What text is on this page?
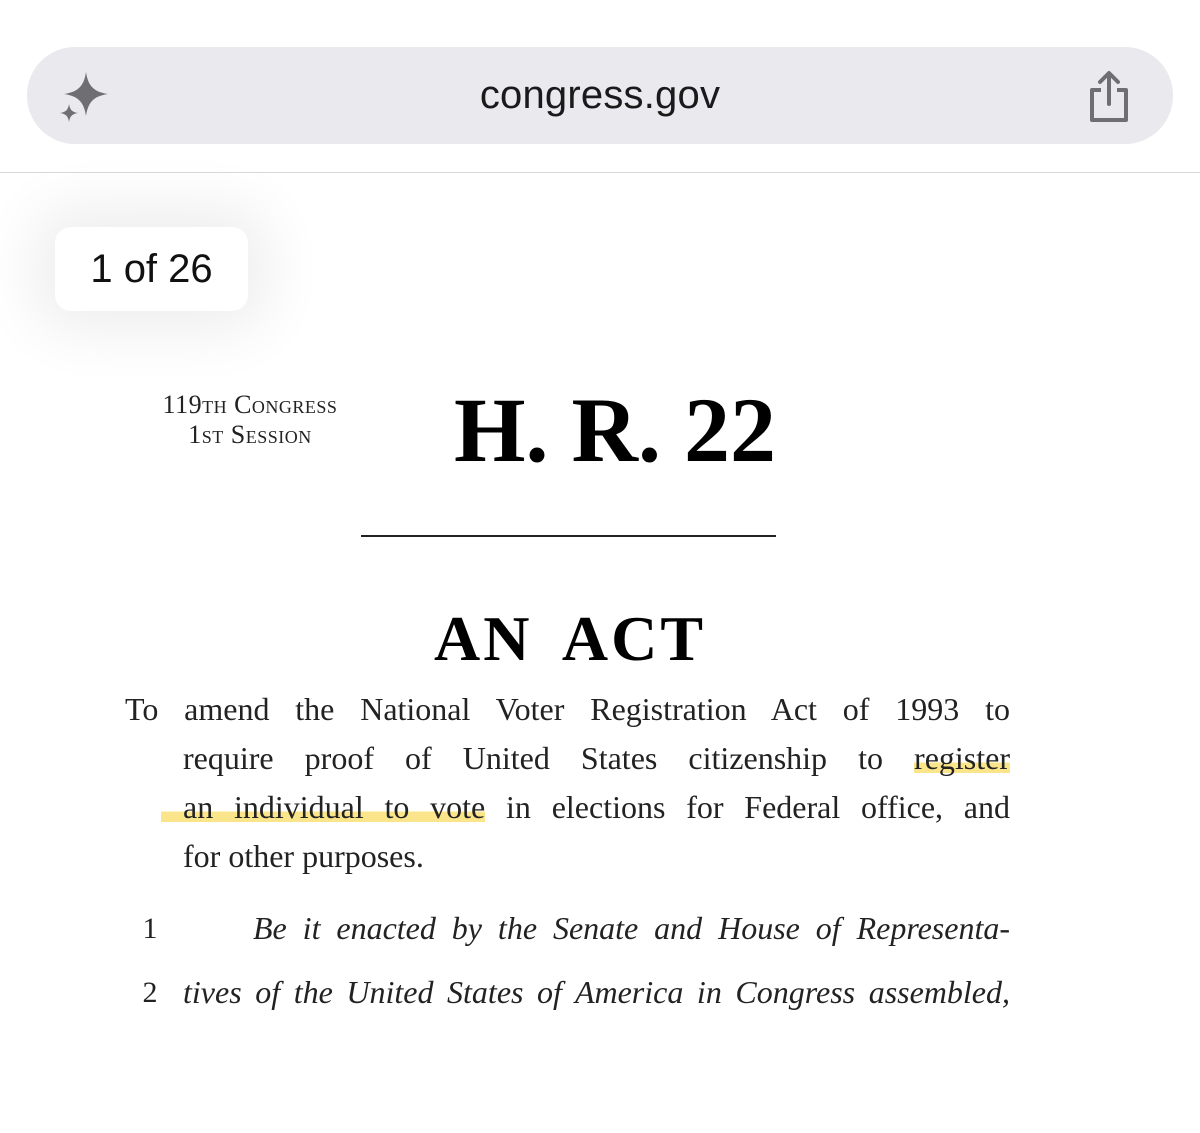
congress.gov
1 of 26
119th Congress
1st Session	H. R. 22
AN ACT
To amend the National Voter Registration Act of 1993 to
require proof of United States citizenship to register
an individual to vote in elections for Federal office, and
for other purposes.
1	Be it enacted by the Senate and House of Representa-
2 tives of the United States of America in Congress assembled,
